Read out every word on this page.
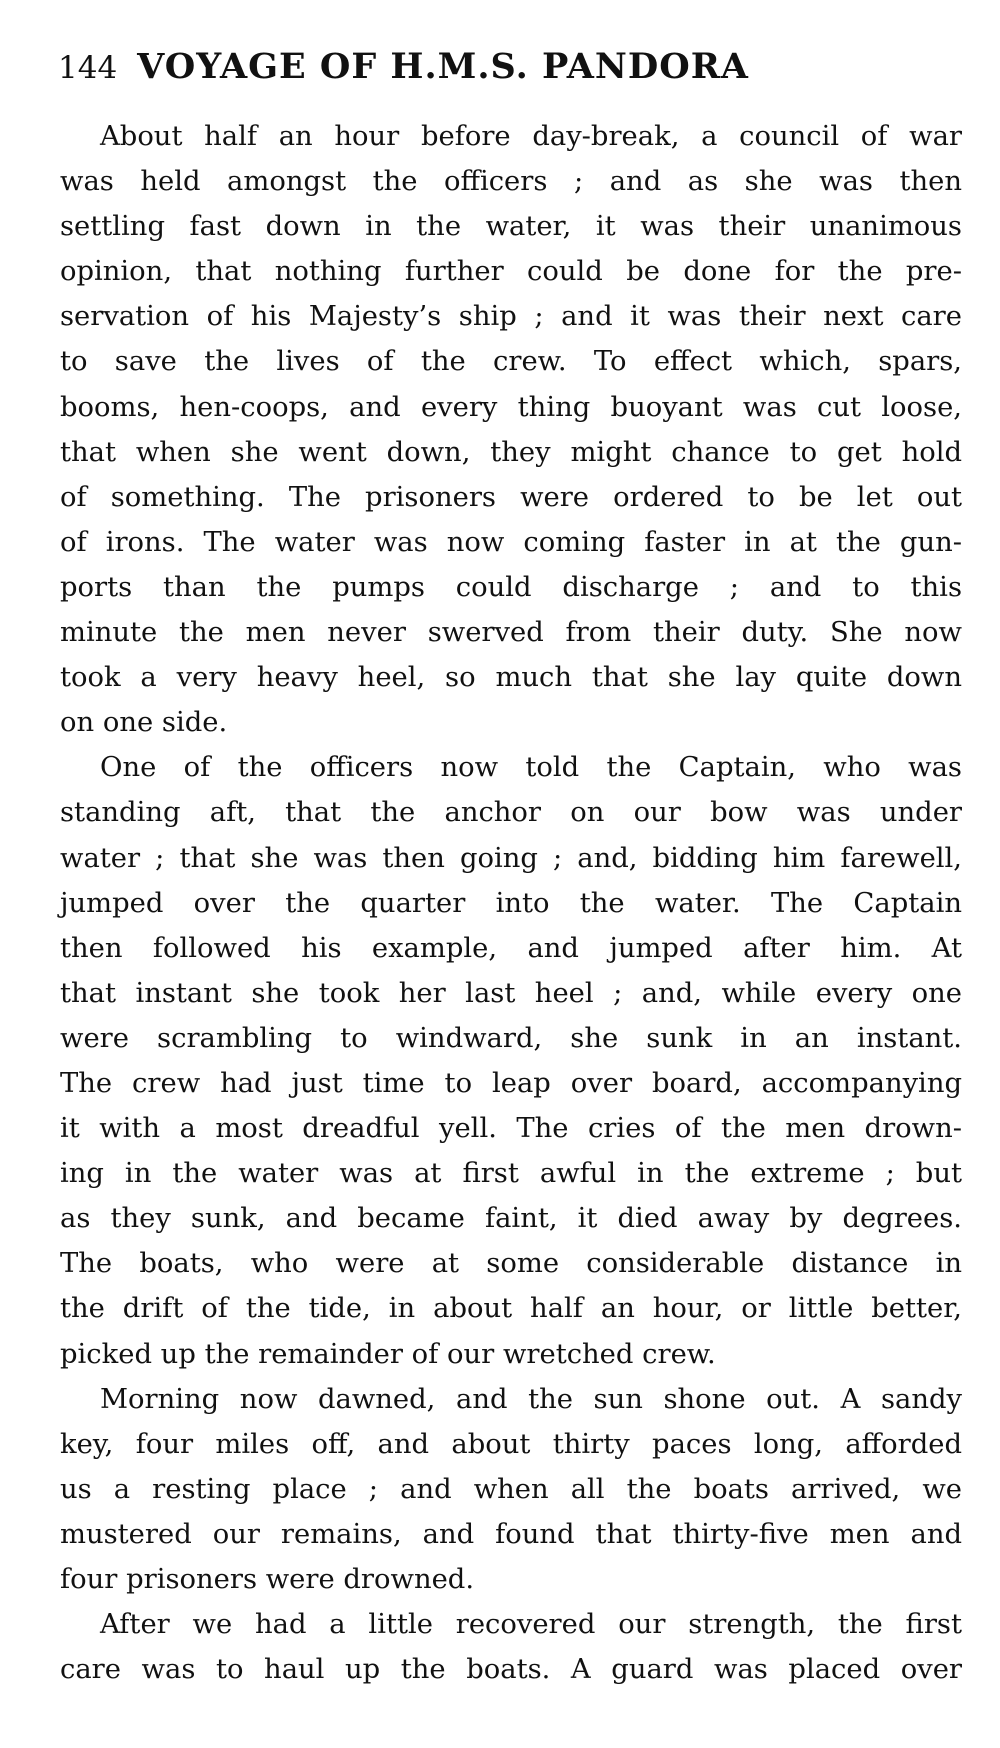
144 VOYAGE OF H.M.S. PANDORA
About half an hour before day-break, a council of war
was held amongst the officers ; and as she was then
settling fast down in the water, it was their unanimous
opinion, that nothing further could be done for the pre-
servation of his Majesty’s ship ; and it was their next care
to save the lives of the crew. To effect which, spars,
booms, hen-coops, and every thing buoyant was cut loose,
that when she went down, they might chance to get hold
of something. The prisoners were ordered to be let out
of irons. The water was now coming faster in at the gun-
ports than the pumps could discharge ; and to this
minute the men never swerved from their duty. She now
took a very heavy heel, so much that she lay quite down
on one side.
One of the officers now told the Captain, who was
standing aft, that the anchor on our bow was under
water ; that she was then going ; and, bidding him farewell,
jumped over the quarter into the water. The Captain
then followed his example, and jumped after him. At
that instant she took her last heel ; and, while every one
were scrambling to windward, she sunk in an instant.
The crew had just time to leap over board, accompanying
it with a most dreadful yell. The cries of the men drown-
ing in the water was at first awful in the extreme ; but
as they sunk, and became faint, it died away by degrees.
The boats, who were at some considerable distance in
the drift of the tide, in about half an hour, or little better,
picked up the remainder of our wretched crew.
Morning now dawned, and the sun shone out. A sandy
key, four miles off, and about thirty paces long, afforded
us a resting place ; and when all the boats arrived, we
mustered our remains, and found that thirty-five men and
four prisoners were drowned.
After we had a little recovered our strength, the first
care was to haul up the boats. A guard was placed over
